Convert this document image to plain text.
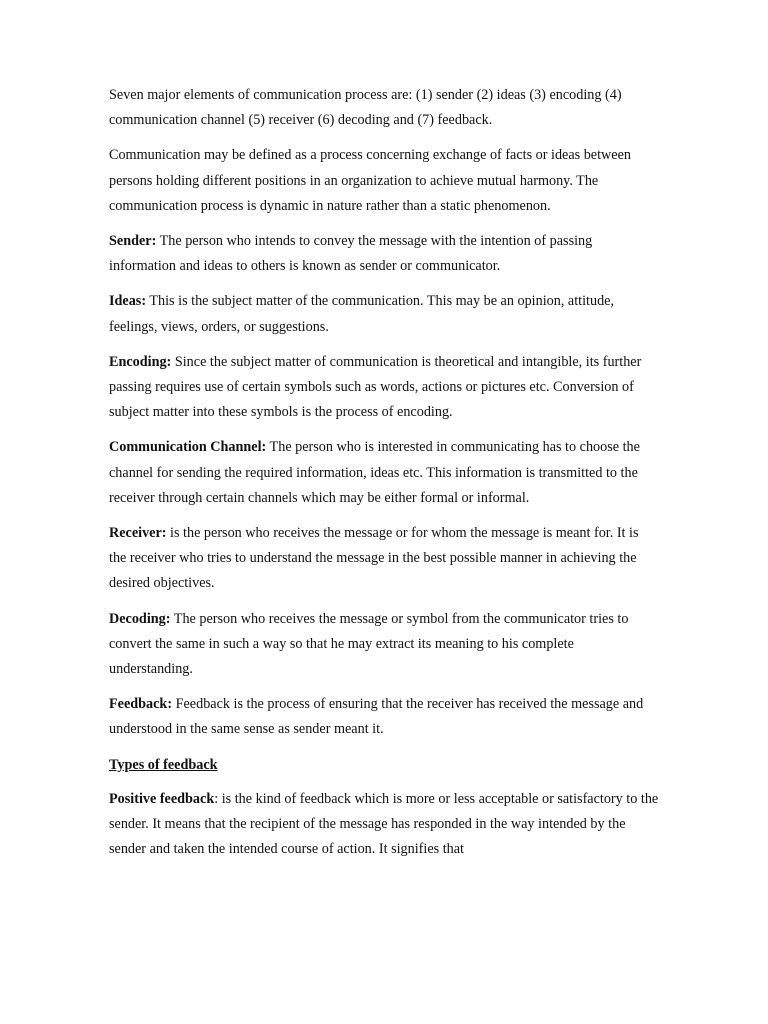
Seven major elements of communication process are: (1) sender (2) ideas (3) encoding (4) communication channel (5) receiver (6) decoding and (7) feedback.

Communication may be defined as a process concerning exchange of facts or ideas between persons holding different positions in an organization to achieve mutual harmony. The communication process is dynamic in nature rather than a static phenomenon.

Sender: The person who intends to convey the message with the intention of passing information and ideas to others is known as sender or communicator.

Ideas: This is the subject matter of the communication. This may be an opinion, attitude, feelings, views, orders, or suggestions.

Encoding: Since the subject matter of communication is theoretical and intangible, its further passing requires use of certain symbols such as words, actions or pictures etc. Conversion of subject matter into these symbols is the process of encoding.

Communication Channel: The person who is interested in communicating has to choose the channel for sending the required information, ideas etc. This information is transmitted to the receiver through certain channels which may be either formal or informal.

Receiver: is the person who receives the message or for whom the message is meant for. It is the receiver who tries to understand the message in the best possible manner in achieving the desired objectives.

Decoding: The person who receives the message or symbol from the communicator tries to convert the same in such a way so that he may extract its meaning to his complete understanding.

Feedback: Feedback is the process of ensuring that the receiver has received the message and understood in the same sense as sender meant it.

Types of feedback

Positive feedback: is the kind of feedback which is more or less acceptable or satisfactory to the sender. It means that the recipient of the message has responded in the way intended by the sender and taken the intended course of action. It signifies that
